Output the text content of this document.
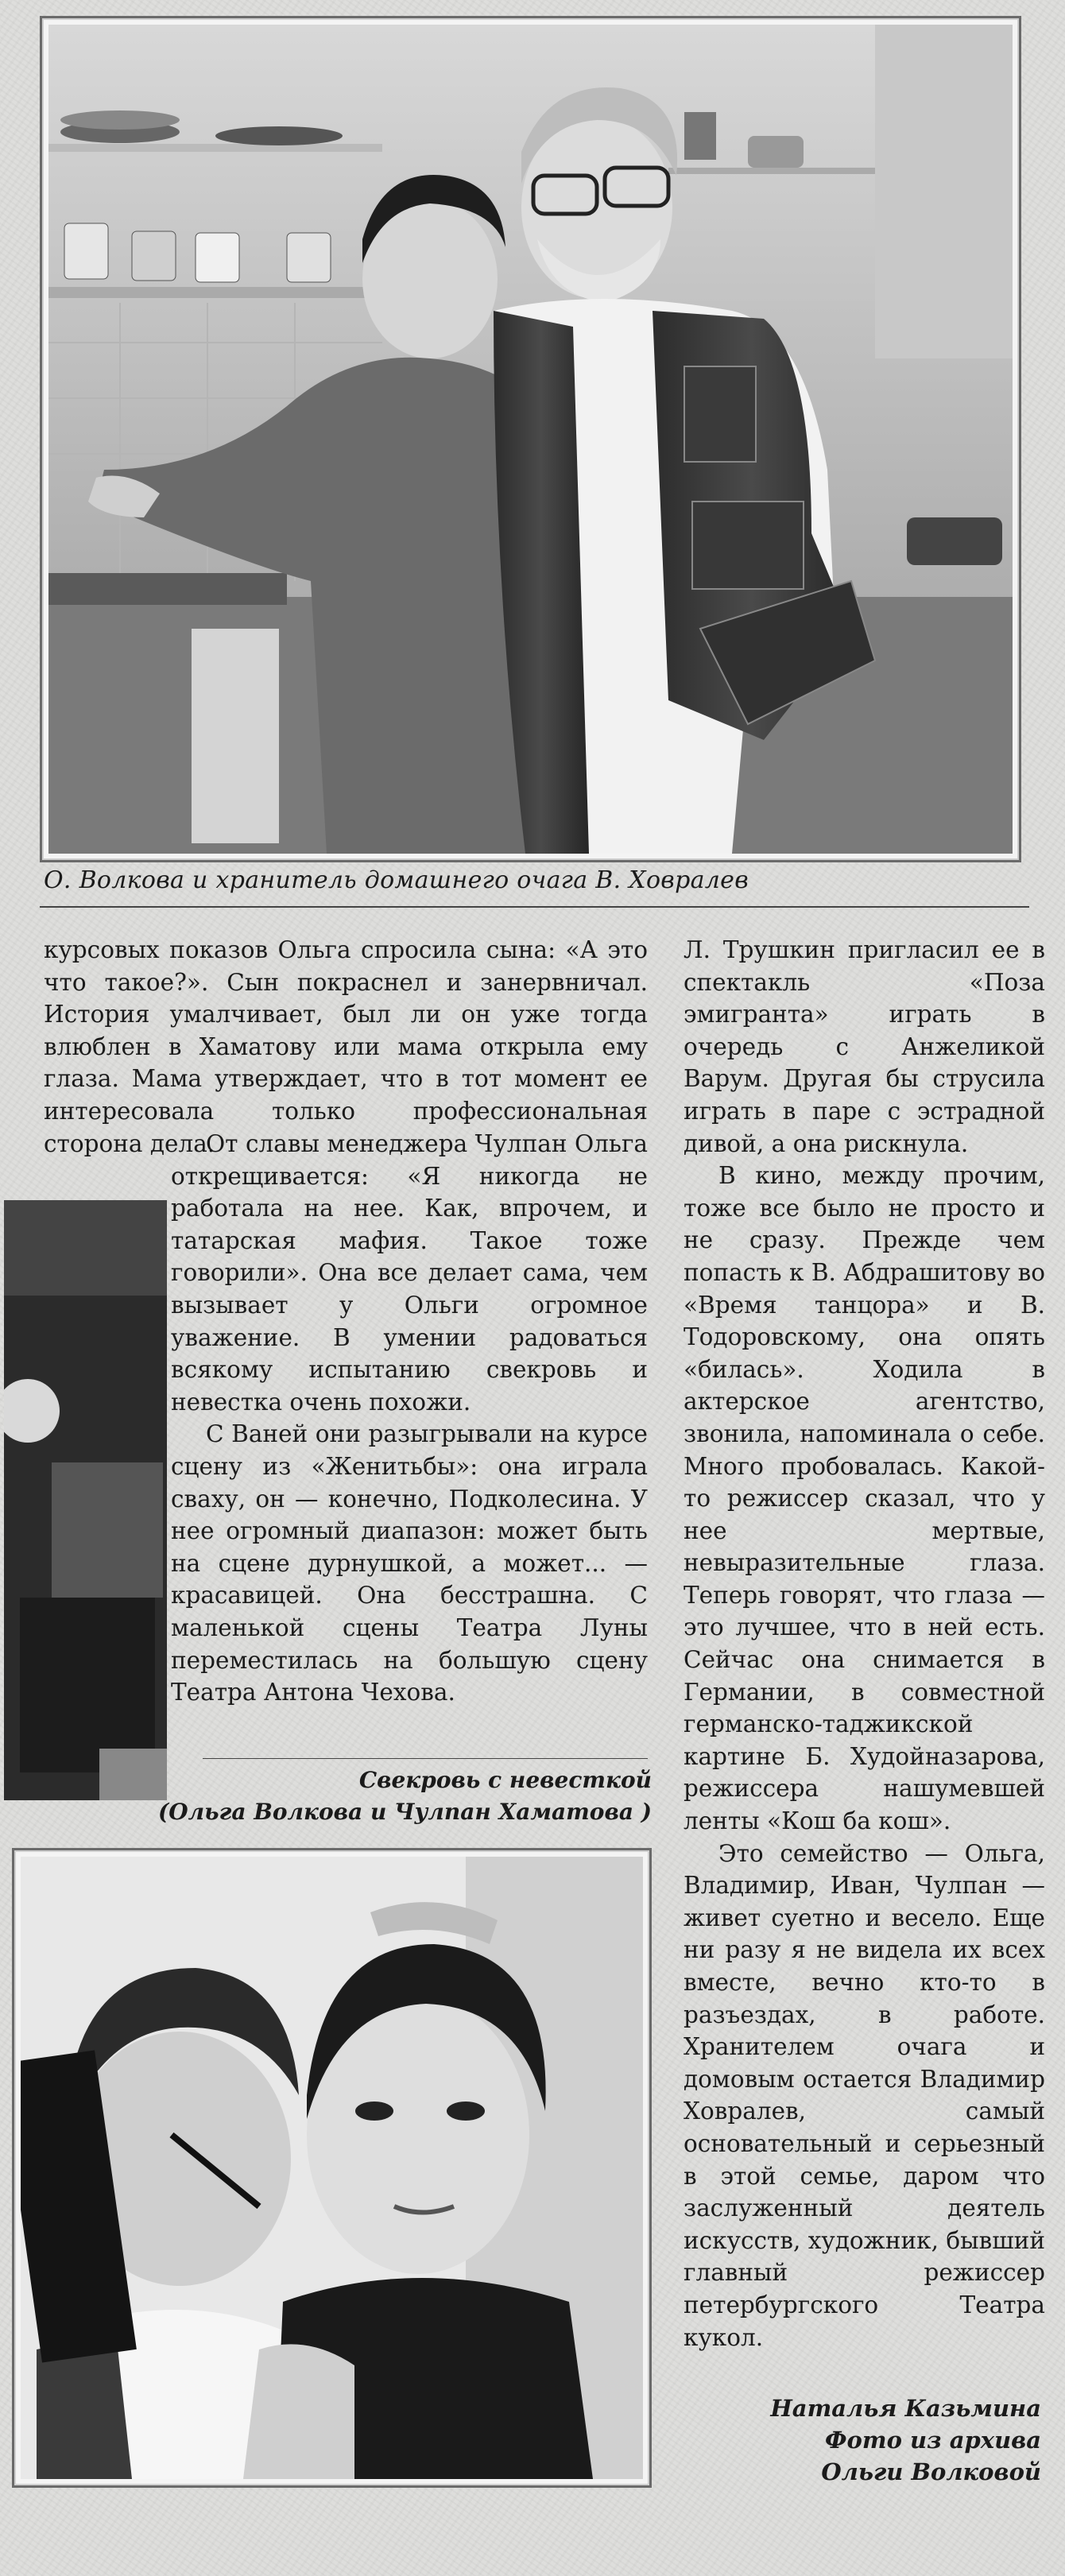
О. Волкова и хранитель домашнего очага В. Ховралев

курсовых показов Ольга спросила сына: «А это что такое?». Сын покраснел и занервничал. История умалчивает, был ли он уже тогда влюблен в Хаматову или мама открыла ему глаза. Мама утверждает, что в тот момент ее интересовала только профессиональная сторона дела.

От славы менеджера Чулпан Ольга открещивается: «Я никогда не работала на нее. Как, впрочем, и татарская мафия. Такое тоже говорили». Она все делает сама, чем вызывает у Ольги огромное уважение. В умении радоваться всякому испытанию свекровь и невестка очень похожи.

С Ваней они разыгрывали на курсе сцену из «Женитьбы»: она играла сваху, он — конечно, Подколесина. У нее огромный диапазон: может быть на сцене дурнушкой, а может... — красавицей. Она бесстрашна. С маленькой сцены Театра Луны переместилась на большую сцену Театра Антона Чехова.

Свекровь с невесткой
(Ольга Волкова и Чулпан Хаматова )

Л. Трушкин пригласил ее в спектакль «Поза эмигранта» играть в очередь с Анжеликой Варум. Другая бы струсила играть в паре с эстрадной дивой, а она рискнула.

В кино, между прочим, тоже все было не просто и не сразу. Прежде чем попасть к В. Абдрашитову во «Время танцора» и В. Тодоровскому, она опять «билась». Ходила в актерское агентство, звонила, напоминала о себе. Много пробовалась. Какой-то режиссер сказал, что у нее мертвые, невыразительные глаза. Теперь говорят, что глаза — это лучшее, что в ней есть. Сейчас она снимается в Германии, в совместной германско-таджикской картине Б. Худойназарова, режиссера нашумевшей ленты «Кош ба кош».

Это семейство — Ольга, Владимир, Иван, Чулпан — живет суетно и весело. Еще ни разу я не видела их всех вместе, вечно кто-то в разъездах, в работе. Хранителем очага и домовым остается Владимир Ховралев, самый основательный и серьезный в этой семье, даром что заслуженный деятель искусств, художник, бывший главный режиссер петербургского Театра кукол.

Наталья Казьмина
Фото из архива
Ольги Волковой
